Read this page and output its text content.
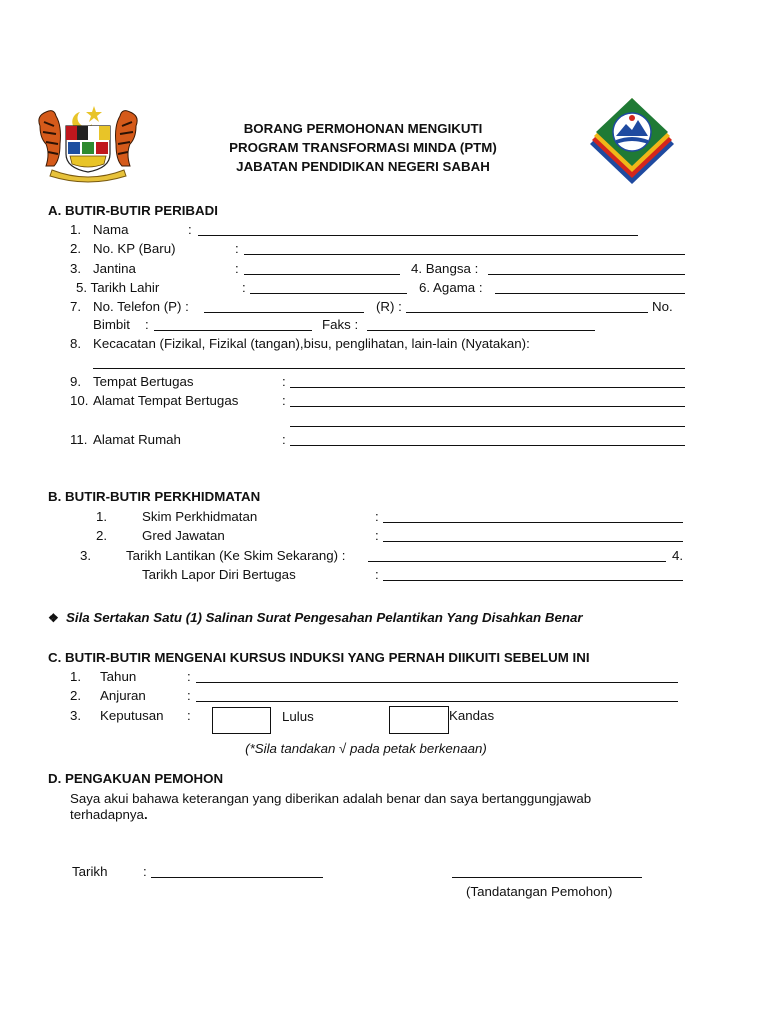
BORANG PERMOHONAN MENGIKUTI
PROGRAM TRANSFORMASI MINDA (PTM)
JABATAN PENDIDIKAN NEGERI SABAH
A. BUTIR-BUTIR PERIBADI
1. Nama	:
2. No. KP (Baru)	:
3. Jantina	:	4. Bangsa :
5. Tarikh Lahir	:	6. Agama :
7. No. Telefon (P) :	(R) :	No.
Bimbit :	Faks :
8. Kecacatan (Fizikal, Fizikal (tangan),bisu, penglihatan, lain-lain (Nyatakan):
9. Tempat Bertugas	:
10. Alamat Tempat Bertugas	:
11. Alamat Rumah	:
B. BUTIR-BUTIR PERKHIDMATAN
1.	Skim Perkhidmatan	:
2.	Gred Jawatan	:
3.	Tarikh Lantikan (Ke Skim Sekarang) :	4.
Tarikh Lapor Diri Bertugas	:
❖ Sila Sertakan Satu (1) Salinan Surat Pengesahan Pelantikan Yang Disahkan Benar
C. BUTIR-BUTIR MENGENAI KURSUS INDUKSI YANG PERNAH DIIKUITI SEBELUM INI
1. Tahun	:
2. Anjuran	:
3. Keputusan :	Lulus	Kandas
(*Sila tandakan √ pada petak berkenaan)
D. PENGAKUAN PEMOHON
Saya akui bahawa keterangan yang diberikan adalah benar dan saya bertanggungjawab
terhadapnya.
Tarikh	:
(Tandatangan Pemohon)
